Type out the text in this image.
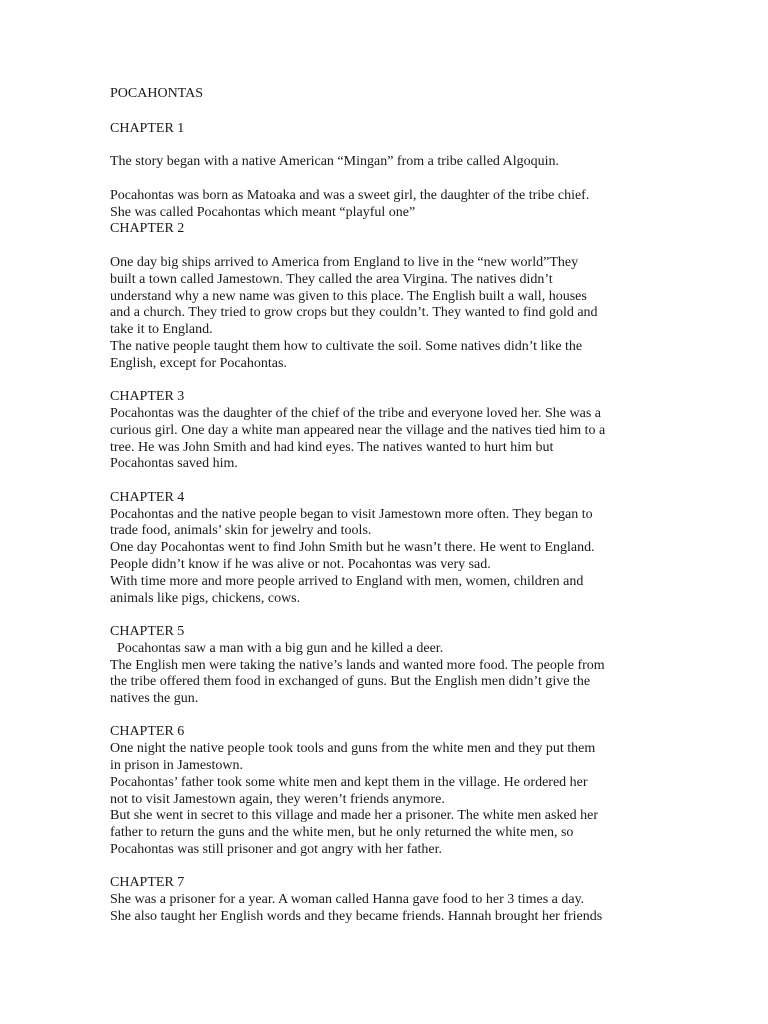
POCAHONTAS

CHAPTER 1

The story began with a native American “Mingan” from a tribe called Algoquin.

Pocahontas was born as Matoaka and was a sweet girl, the daughter of the tribe chief.

She was called Pocahontas which meant “playful one”

CHAPTER 2

One day big ships arrived to America from England to live in the “new world”They

built a town called Jamestown. They called the area Virgina. The natives didn’t

understand why a new name was given to this place. The English built a wall, houses

and a church. They tried to grow crops but they couldn’t. They wanted to find gold and

take it to England.

The native people taught them how to cultivate the soil. Some natives didn’t like the

English, except for Pocahontas.

CHAPTER 3

Pocahontas was the daughter of the chief of the tribe and everyone loved her. She was a

curious girl. One day a white man appeared near the village and the natives tied him to a

tree. He was John Smith and had kind eyes. The natives wanted to hurt him but

Pocahontas saved him.

CHAPTER 4

Pocahontas and the native people began to visit Jamestown more often. They began to

trade food, animals’ skin for jewelry and tools.

One day Pocahontas went to find John Smith but he wasn’t there. He went to England.

People didn’t know if he was alive or not. Pocahontas was very sad.

With time more and more people arrived to England with men, women, children and

animals like pigs, chickens, cows.

CHAPTER 5

Pocahontas saw a man with a big gun and he killed a deer.

The English men were taking the native’s lands and wanted more food. The people from

the tribe offered them food in exchanged of guns. But the English men didn’t give the

natives the gun.

CHAPTER 6

One night the native people took tools and guns from the white men and they put them

in prison in Jamestown.

Pocahontas’ father took some white men and kept them in the village. He ordered her

not to visit Jamestown again, they weren’t friends anymore.

But she went in secret to this village and made her a prisoner. The white men asked her

father to return the guns and the white men, but he only returned the white men, so

Pocahontas was still prisoner and got angry with her father.

CHAPTER 7

She was a prisoner for a year. A woman called Hanna gave food to her 3 times a day.

She also taught her English words and they became friends. Hannah brought her friends
